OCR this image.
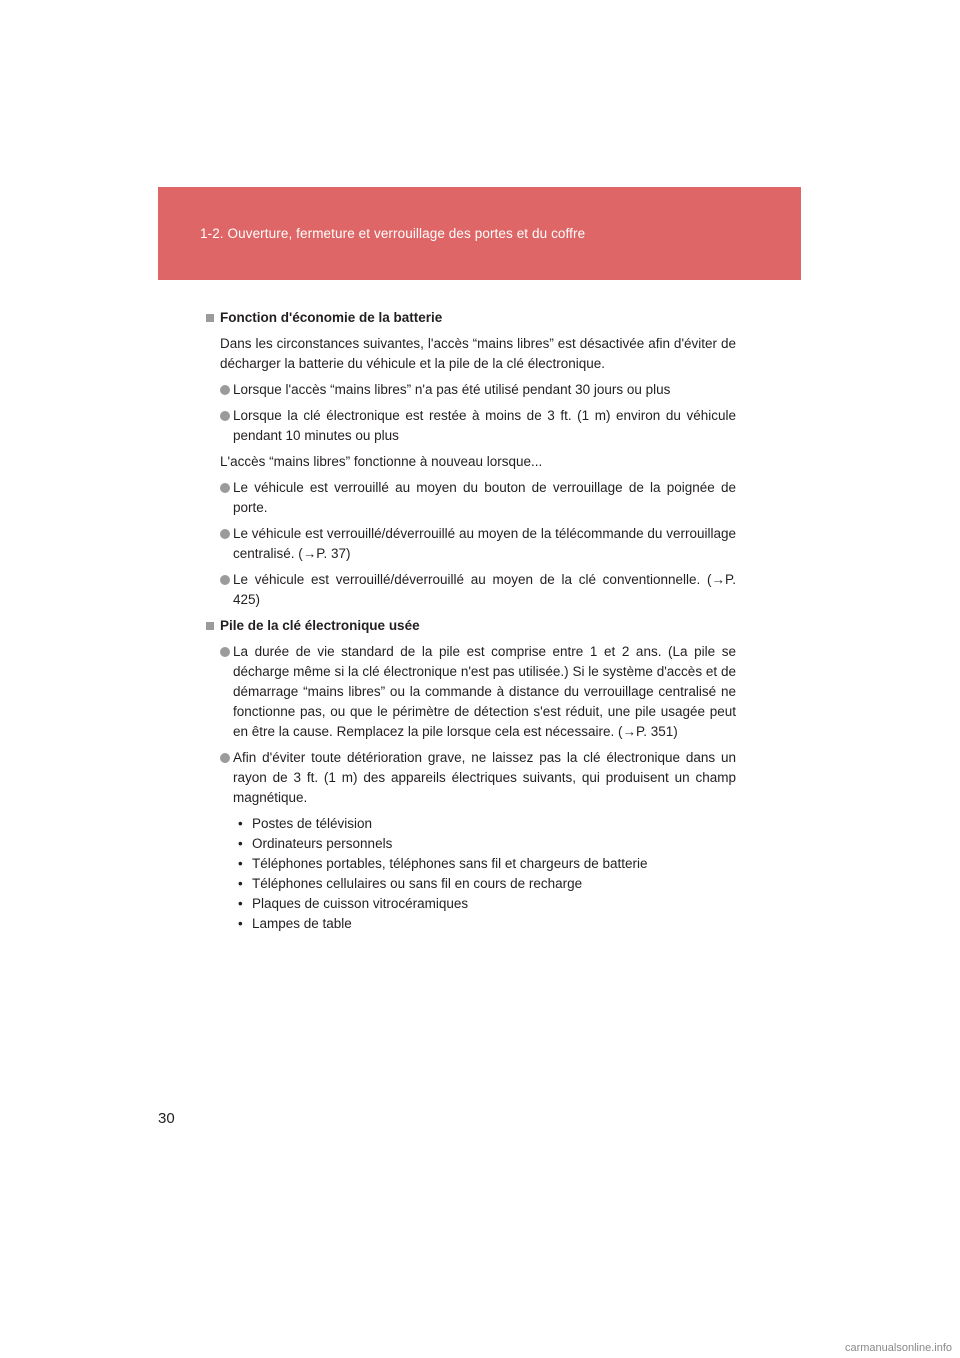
1-2. Ouverture, fermeture et verrouillage des portes et du coffre
Fonction d'économie de la batterie
Dans les circonstances suivantes, l'accès “mains libres” est désactivée afin d'éviter de décharger la batterie du véhicule et la pile de la clé électronique.
Lorsque l'accès “mains libres” n'a pas été utilisé pendant 30 jours ou plus
Lorsque la clé électronique est restée à moins de 3 ft. (1 m) environ du véhicule pendant 10 minutes ou plus
L'accès “mains libres” fonctionne à nouveau lorsque...
Le véhicule est verrouillé au moyen du bouton de verrouillage de la poignée de porte.
Le véhicule est verrouillé/déverrouillé au moyen de la télécommande du verrouillage centralisé. (→P. 37)
Le véhicule est verrouillé/déverrouillé au moyen de la clé conventionnelle. (→P. 425)
Pile de la clé électronique usée
La durée de vie standard de la pile est comprise entre 1 et 2 ans. (La pile se décharge même si la clé électronique n'est pas utilisée.) Si le système d'accès et de démarrage “mains libres” ou la commande à distance du verrouillage centralisé ne fonctionne pas, ou que le périmètre de détection s'est réduit, une pile usagée peut en être la cause. Remplacez la pile lorsque cela est nécessaire. (→P. 351)
Afin d'éviter toute détérioration grave, ne laissez pas la clé électronique dans un rayon de 3 ft. (1 m) des appareils électriques suivants, qui produisent un champ magnétique.
• Postes de télévision
• Ordinateurs personnels
• Téléphones portables, téléphones sans fil et chargeurs de batterie
• Téléphones cellulaires ou sans fil en cours de recharge
• Plaques de cuisson vitrocéramiques
• Lampes de table
30
carmanualsonline.info
